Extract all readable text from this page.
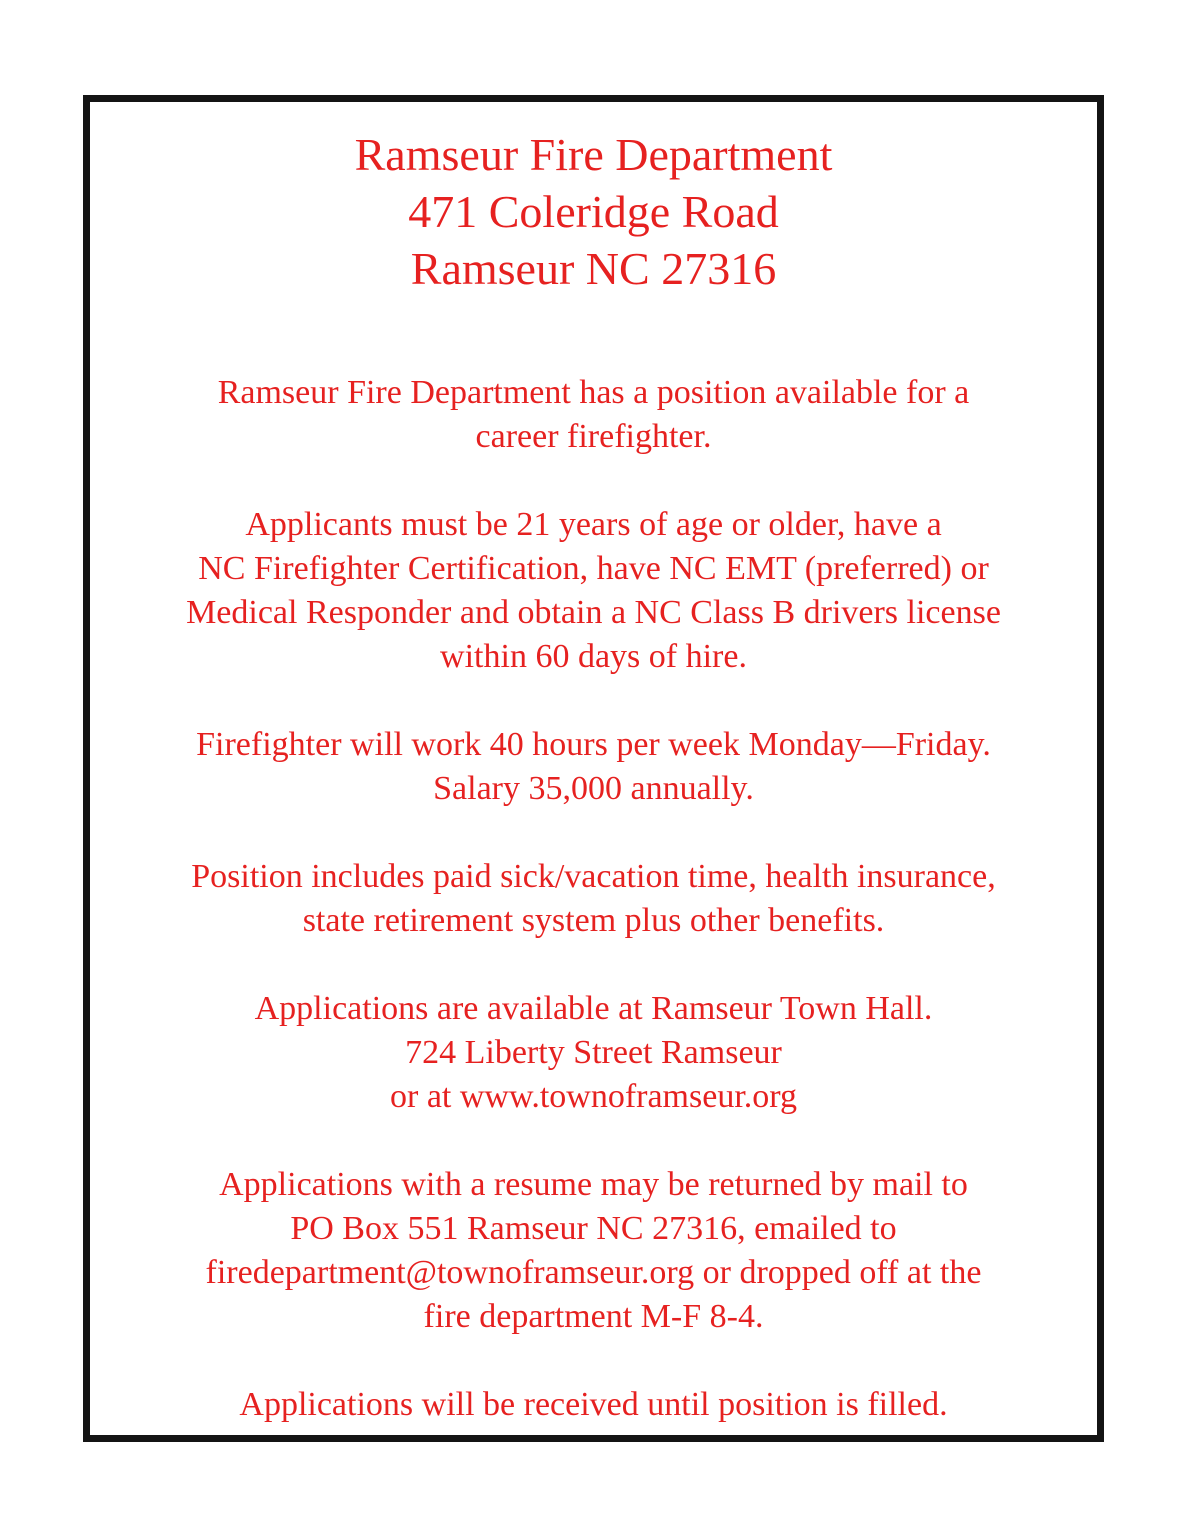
Ramseur Fire Department
471 Coleridge Road
Ramseur NC 27316
Ramseur Fire Department has a position available for a
career firefighter.
Applicants must be 21 years of age or older, have a
NC Firefighter Certification, have NC EMT (preferred) or
Medical Responder and obtain a NC Class B drivers license
within 60 days of hire.
Firefighter will work 40 hours per week Monday—Friday.
Salary 35,000 annually.
Position includes paid sick/vacation time, health insurance,
state retirement system plus other benefits.
Applications are available at Ramseur Town Hall.
724 Liberty Street Ramseur
or at www.townoframseur.org
Applications with a resume may be returned by mail to
PO Box 551 Ramseur NC 27316, emailed to
firedepartment@townoframseur.org or dropped off at the
fire department M-F 8-4.
Applications will be received until position is filled.
